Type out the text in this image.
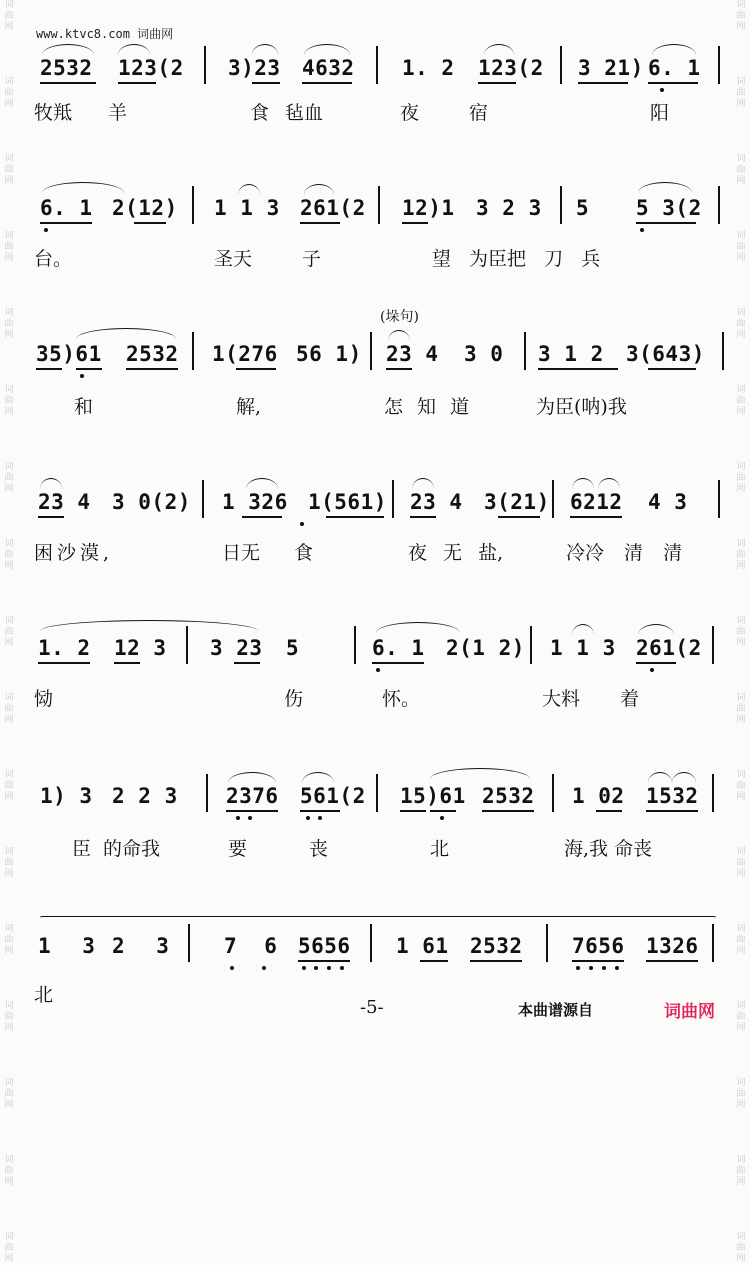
词
曲
网
词
曲
网
词
曲
网
词
曲
网
词
曲
网
词
曲
网
词
曲
网
词
曲
网
词
曲
网
词
曲
网
词
曲
网
词
曲
网
词
曲
网
词
曲
网
词
曲
网
词
曲
网
词
曲
网
词
曲
网
词
曲
网
词
曲
网
词
曲
网
词
曲
网
词
曲
网
词
曲
网
词
曲
网
词
曲
网
词
曲
网
词
曲
网
词
曲
网
词
曲
网
词
曲
网
词
曲
网
词
曲
网
词
曲
网
www.ktvc8.com 词曲网
2532 123(2 3)23 4632 1. 2 123(2 3 21) 6. 1
牧羝 羊	食 毡血	夜 宿	阳
6. 1 2(12) 1 1 3 261(2 12)1 3 2 3 5 5 3(2
台。	圣天	子	望 为臣把 刀 兵
(垛句)
35)61 2532 1(276 56 1) 23 4 3 0 3 1 2 3(643)
和	解,	怎 知 道	为臣(呐)我
23 4 3 0(2) 1 326 1(561) 23 4 3(21) 6212 4 3
困沙漠,	日无 食	夜 无 盐,	冷冷 清 清
1. 2 12 3 3 23 5	6. 1 2(1 2) 1 1 3 261(2
恸	伤	怀。	大料 着
1) 3 2 2 3 2376 561(2 15)61 2532 1 02 1532
臣 的命我	要 丧	北	海,我 命丧
1 3 2 3	7 6 5656 1 61 2532 7656 1326
北
-5-	本曲谱源自	词曲网
